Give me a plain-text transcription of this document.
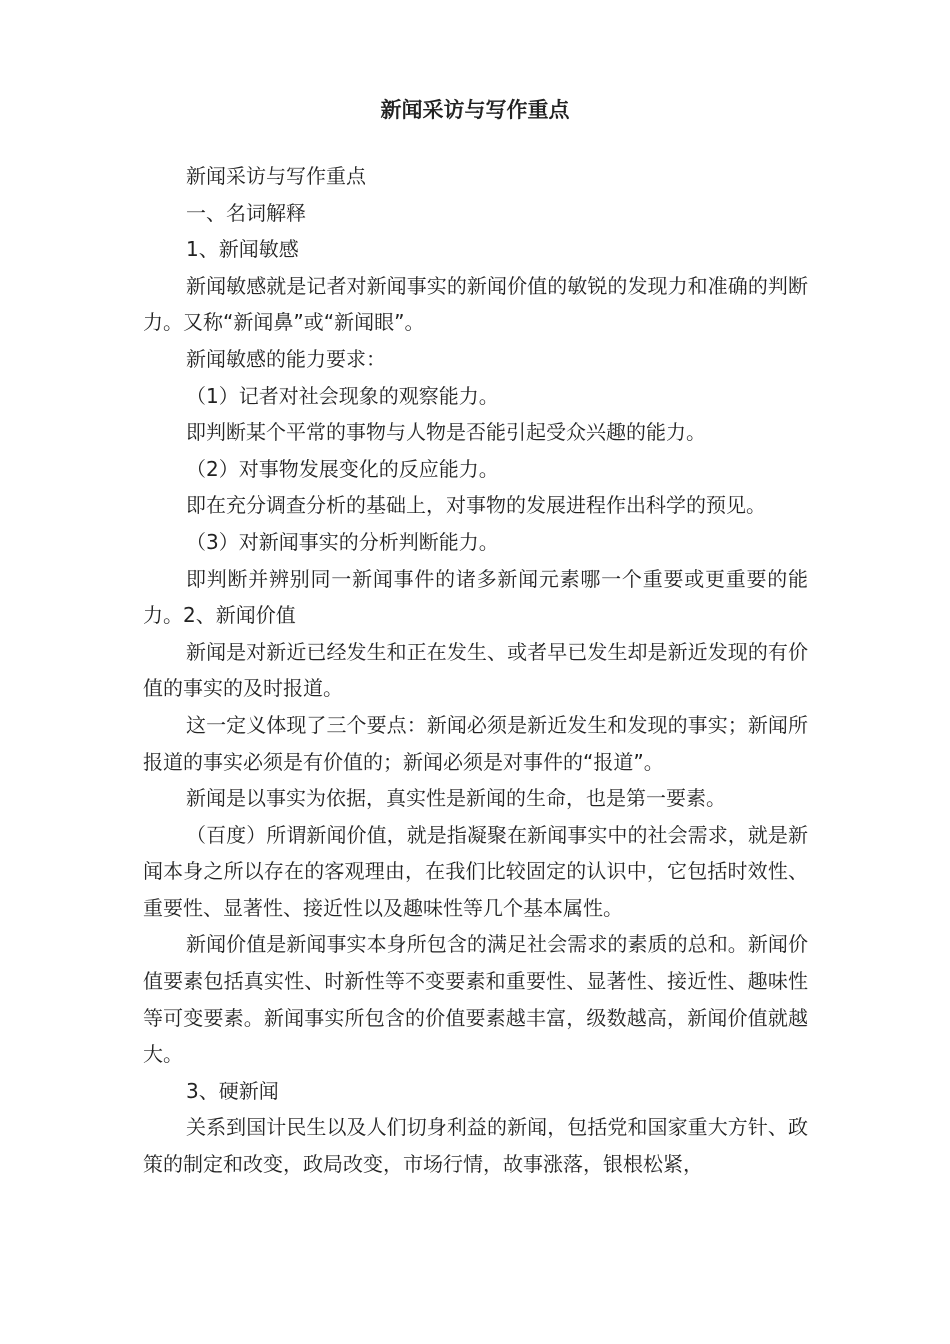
新闻采访与写作重点

新闻采访与写作重点

一、名词解释

1、新闻敏感

新闻敏感就是记者对新闻事实的新闻价值的敏锐的发现力和准确的判断力。又称“新闻鼻”或“新闻眼”。

新闻敏感的能力要求：

（1）记者对社会现象的观察能力。

即判断某个平常的事物与人物是否能引起受众兴趣的能力。

（2）对事物发展变化的反应能力。

即在充分调查分析的基础上，对事物的发展进程作出科学的预见。

（3）对新闻事实的分析判断能力。

即判断并辨别同一新闻事件的诸多新闻元素哪一个重要或更重要的能力。2、新闻价值

新闻是对新近已经发生和正在发生、或者早已发生却是新近发现的有价值的事实的及时报道。

这一定义体现了三个要点：新闻必须是新近发生和发现的事实；新闻所报道的事实必须是有价值的；新闻必须是对事件的“报道”。

新闻是以事实为依据，真实性是新闻的生命，也是第一要素。

（百度）所谓新闻价值，就是指凝聚在新闻事实中的社会需求，就是新闻本身之所以存在的客观理由，在我们比较固定的认识中，它包括时效性、重要性、显著性、接近性以及趣味性等几个基本属性。

新闻价值是新闻事实本身所包含的满足社会需求的素质的总和。新闻价值要素包括真实性、时新性等不变要素和重要性、显著性、接近性、趣味性等可变要素。新闻事实所包含的价值要素越丰富，级数越高，新闻价值就越大。

3、硬新闻

关系到国计民生以及人们切身利益的新闻，包括党和国家重大方针、政策的制定和改变，政局改变，市场行情，故事涨落，银根松紧，
